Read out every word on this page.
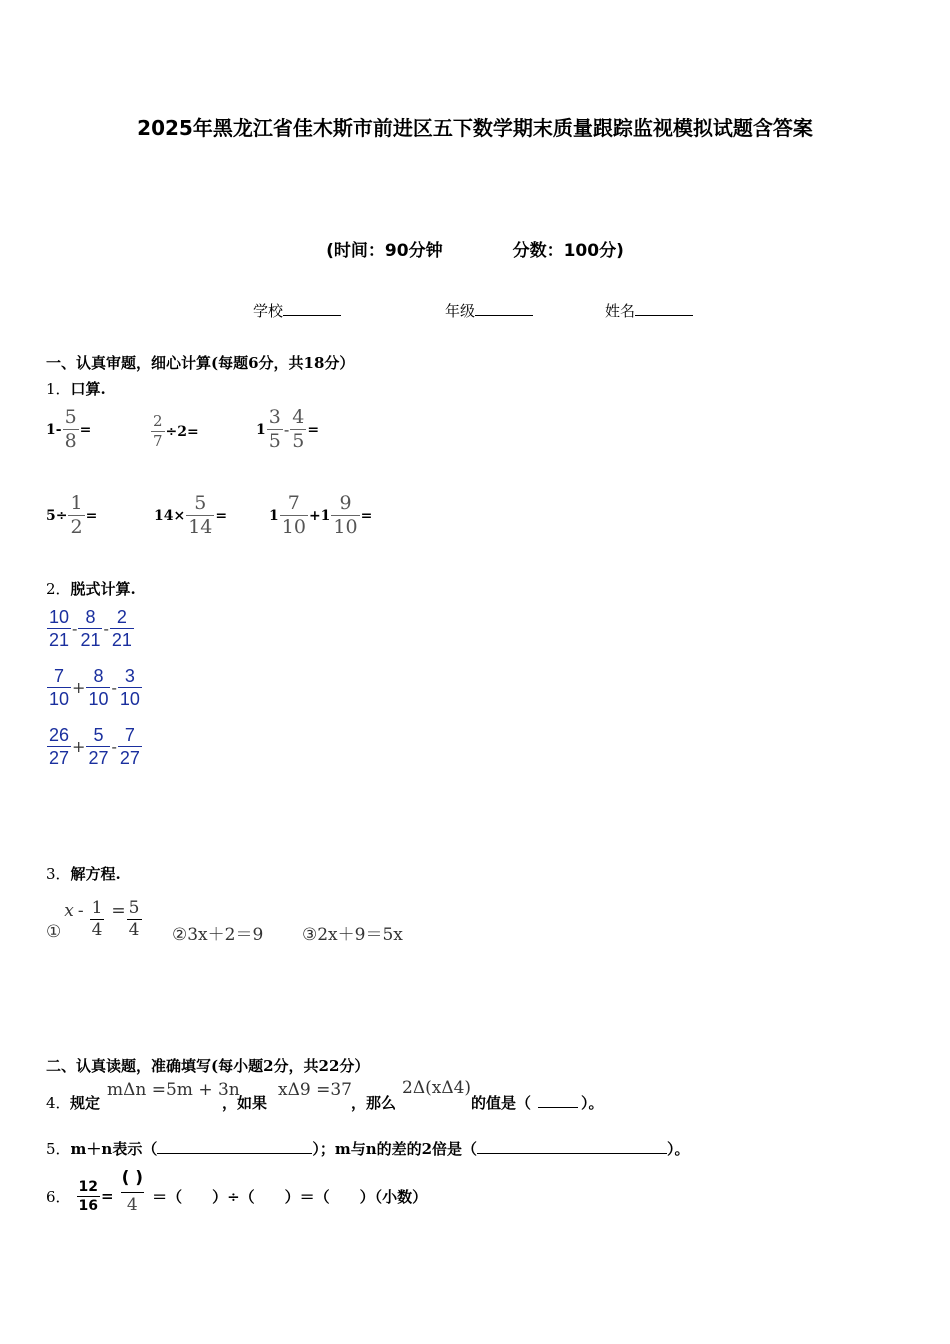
2025年黑龙江省佳木斯市前进区五下数学期末质量跟踪监视模拟试题含答案
(时间：90分钟	分数：100分)
学校	年级	姓名
一、认真审题，细心计算(每题6分，共18分）
1．口算.
$1- \frac{5}{8}$ =	$\frac{2}{7} \div 2=$	$1 \frac{3}{5} - \frac{4}{5}$ =
$5\div \frac{1}{2}$ =	$14\times \frac{5}{14}$ =	$1 \frac{7}{10} +1 \frac{9}{10}$ =
2．脱式计算.
$\frac{10}{21} - \frac{8}{21} - \frac{2}{21}$
$\frac{7}{10} + \frac{8}{10} - \frac{3}{10}$
$\frac{26}{27} + \frac{5}{27} - \frac{7}{27}$
3．解方程.
①
$x - \frac{1}{4} = \frac{5}{4}$ ②3x＋2＝9 ③2x＋9＝5x
二、认真读题，准确填写(每小题2分，共22分）
4． 规定
mΔn =5m + 3n
，如果
xΔ9 =37
，那么
2Δ(xΔ4)
的值是（	）。
5．m＋n表示（	）；m与n的差的2倍是（	）。
6． $\frac{12}{16} = \frac{( )}{4}$ ＝（　　）÷（　　）＝（　　）（小数）
